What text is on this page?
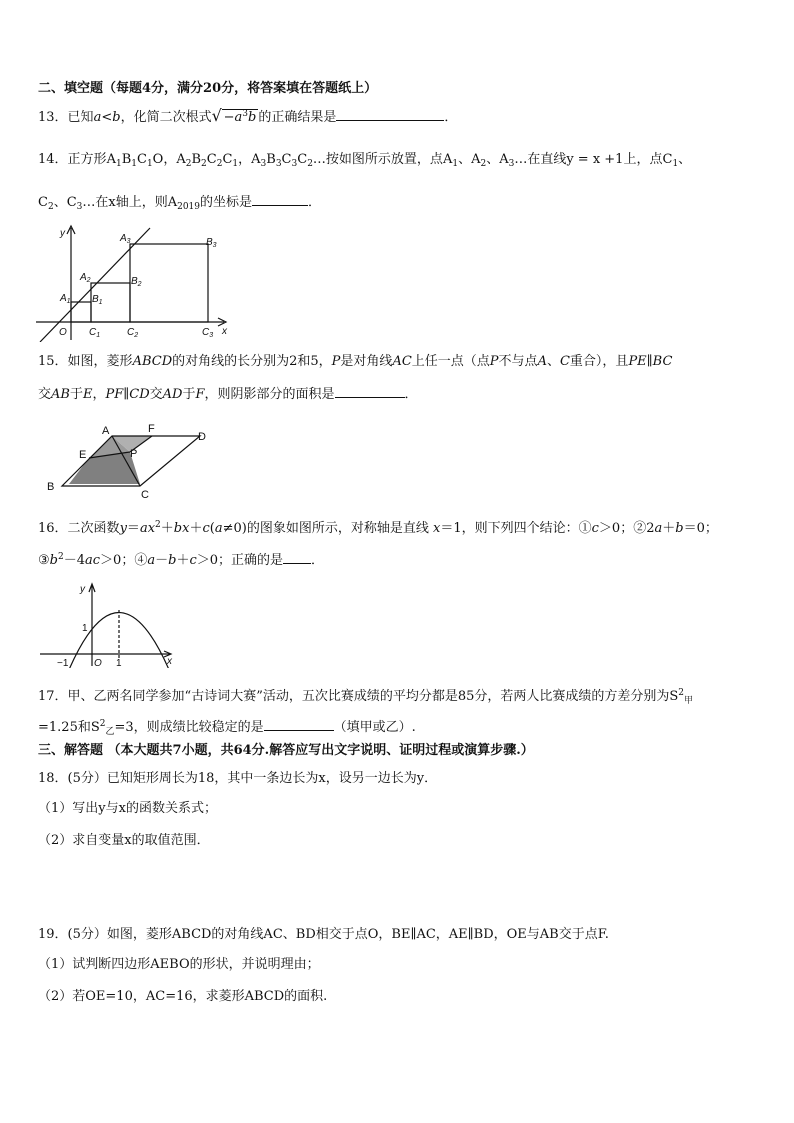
二、填空题（每题4分，满分20分，将答案填在答题纸上）
13．已知a<b，化简二次根式 √ $-a^3b$ 的正确结果是	．
14．正方形$A_1B_1C_1O$，$A_2B_2C_2C_1$，$A_3B_3C_3C_2\dots$按如图所示放置，点$A_1$、$A_2$、$A_3\dots$在直线y = x +1上，点$C_1$、
$C_2$、$C_3\dots$在x轴上，则$A_{2019}$的坐标是	．
y
x
$A_1$
$A_2$
$A_3$
$B_1$
$B_2$
$B_3$
O $C_1$	$C_2$	$C_3$
15．如图，菱形ABCD的对角线的长分别为2和5，P是对角线AC上任一点（点P不与点A、C重合），且PE∥BC
交AB于E，PF∥CD交AD于F，则阴影部分的面积是	．
A	F
D
E	P
B
C
16．二次函数$y=ax^2+bx+c(a\ne 0)$的图象如图所示，对称轴是直线 x＝1，则下列四个结论：①c＞0；②2a＋b＝0；
$③b^2-4ac>0$；④a－b＋c＞0；正确的是 ．
y
x
1
−1	O 1
17．甲、乙两名同学参加“古诗词大赛”活动，五次比赛成绩的平均分都是85分，若两人比赛成绩的方差分别为$S^2_甲$
=1.25和$S^2_乙=3$，则成绩比较稳定的是	（填甲或乙）.
三、解答题 （本大题共7小题，共64分.解答应写出文字说明、证明过程或演算步骤.）
18．(5分）已知矩形周长为18，其中一条边长为x，设另一边长为y．
（1）写出y与x的函数关系式；
（2）求自变量x的取值范围．
19．(5分）如图，菱形ABCD的对角线AC、BD相交于点O，BE∥AC，AE∥BD，OE与AB交于点F.
（1）试判断四边形AEBO的形状，并说明理由；
（2）若OE=10，AC=16，求菱形ABCD的面积.
